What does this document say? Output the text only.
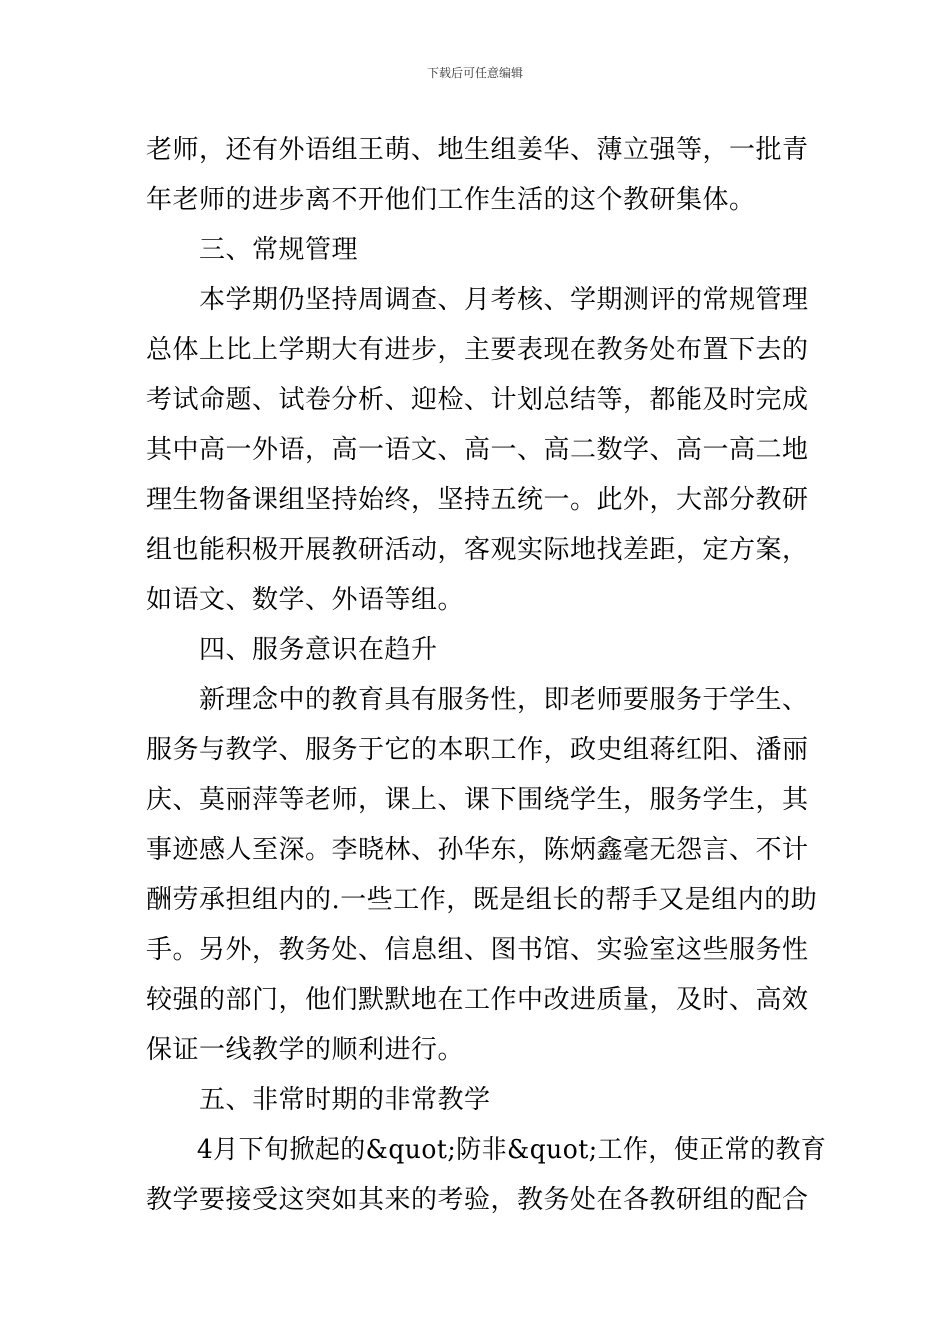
下载后可任意编辑
老师，还有外语组王萌、地生组姜华、薄立强等，一批青
年老师的进步离不开他们工作生活的这个教研集体。
　　三、常规管理
　　本学期仍坚持周调查、月考核、学期测评的常规管理
总体上比上学期大有进步，主要表现在教务处布置下去的
考试命题、试卷分析、迎检、计划总结等，都能及时完成
其中高一外语，高一语文、高一、高二数学、高一高二地
理生物备课组坚持始终，坚持五统一。此外，大部分教研
组也能积极开展教研活动，客观实际地找差距，定方案，
如语文、数学、外语等组。
　　四、服务意识在趋升
　　新理念中的教育具有服务性，即老师要服务于学生、
服务与教学、服务于它的本职工作，政史组蒋红阳、潘丽
庆、莫丽萍等老师，课上、课下围绕学生，服务学生，其
事迹感人至深。李晓林、孙华东，陈炳鑫毫无怨言、不计
酬劳承担组内的.一些工作，既是组长的帮手又是组内的助
手。另外，教务处、信息组、图书馆、实验室这些服务性
较强的部门，他们默默地在工作中改进质量，及时、高效
保证一线教学的顺利进行。
　　五、非常时期的非常教学
　　4月下旬掀起的&quot;防非&quot;工作，使正常的教育
教学要接受这突如其来的考验，教务处在各教研组的配合
